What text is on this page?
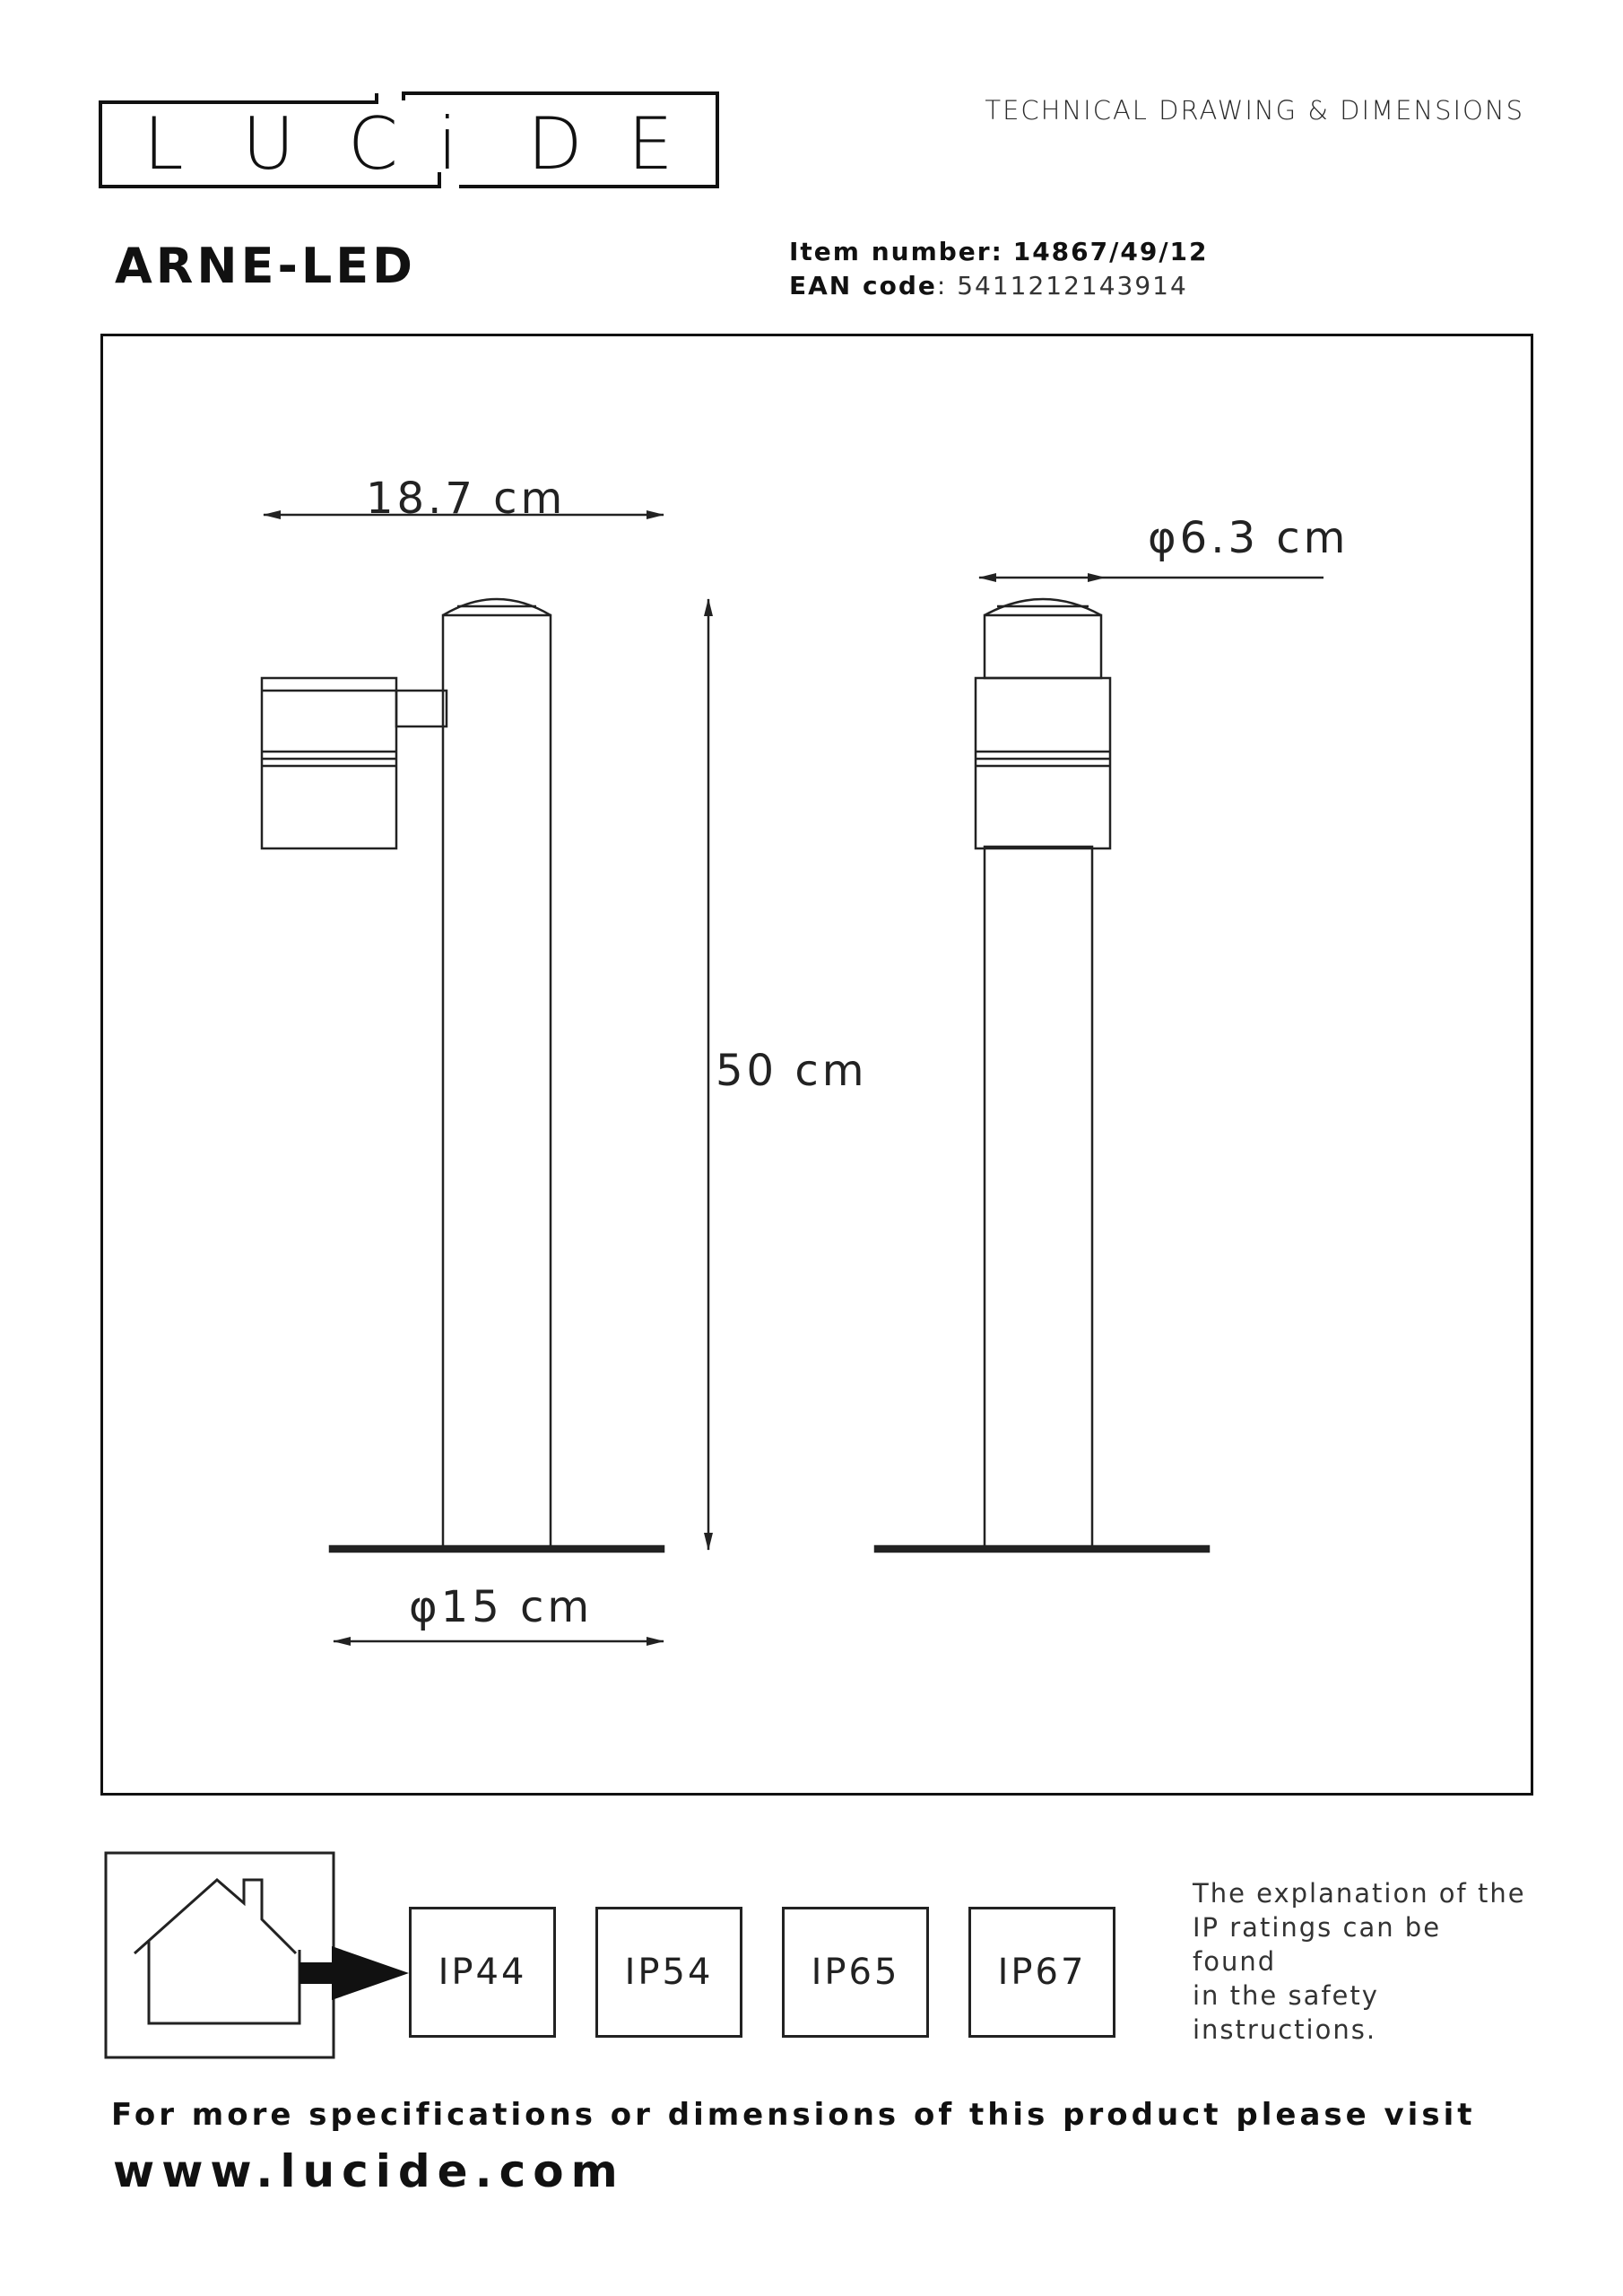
L U C i D E	TECHNICAL DRAWING & DIMENSIONS
ARNE-LED	Item number: 14867/49/12
EAN code: 5411212143914
18.7 cm
φ6.3 cm
50 cm
φ15 cm
IP44	IP54	IP65	IP67
The explanation of the
IP ratings can be found
in the safety
instructions.
For more specifications or dimensions of this product please visit
www.lucide.com
